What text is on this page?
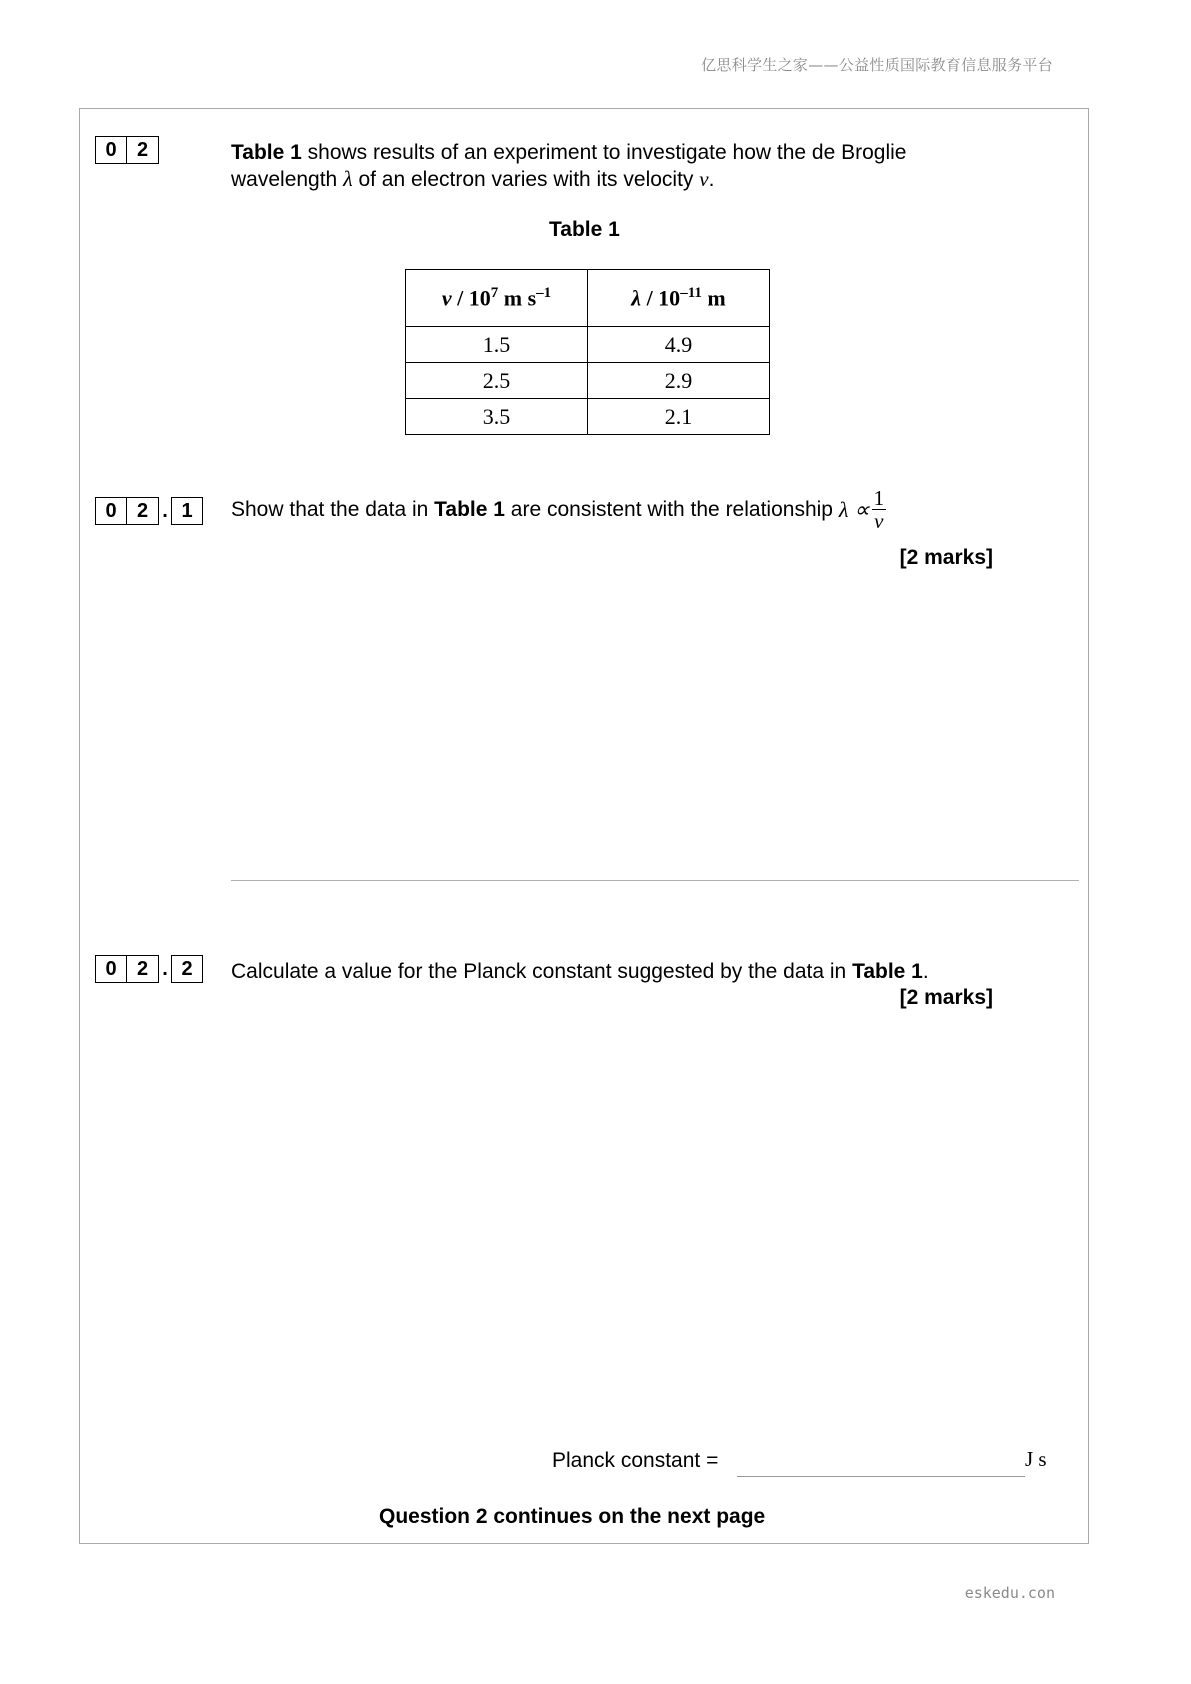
亿思科学生之家——公益性质国际教育信息服务平台
0	2	Table 1 shows results of an experiment to investigate how the de Broglie
wavelength λ of an electron varies with its velocity v.
Table 1
v / $10^7$ m $s^{-1}$	λ / $10^{-11}$ m
1.5	4.9
2.5	2.9
3.5	2.1
0	2 . 1	Show that the data in Table 1 are consistent with the relationship $\lambda \propto \frac{1}{v}$
[2 marks]
0	2 . 2	Calculate a value for the Planck constant suggested by the data in Table 1.
[2 marks]
Planck constant =	J s
Question 2 continues on the next page
eskedu.con
